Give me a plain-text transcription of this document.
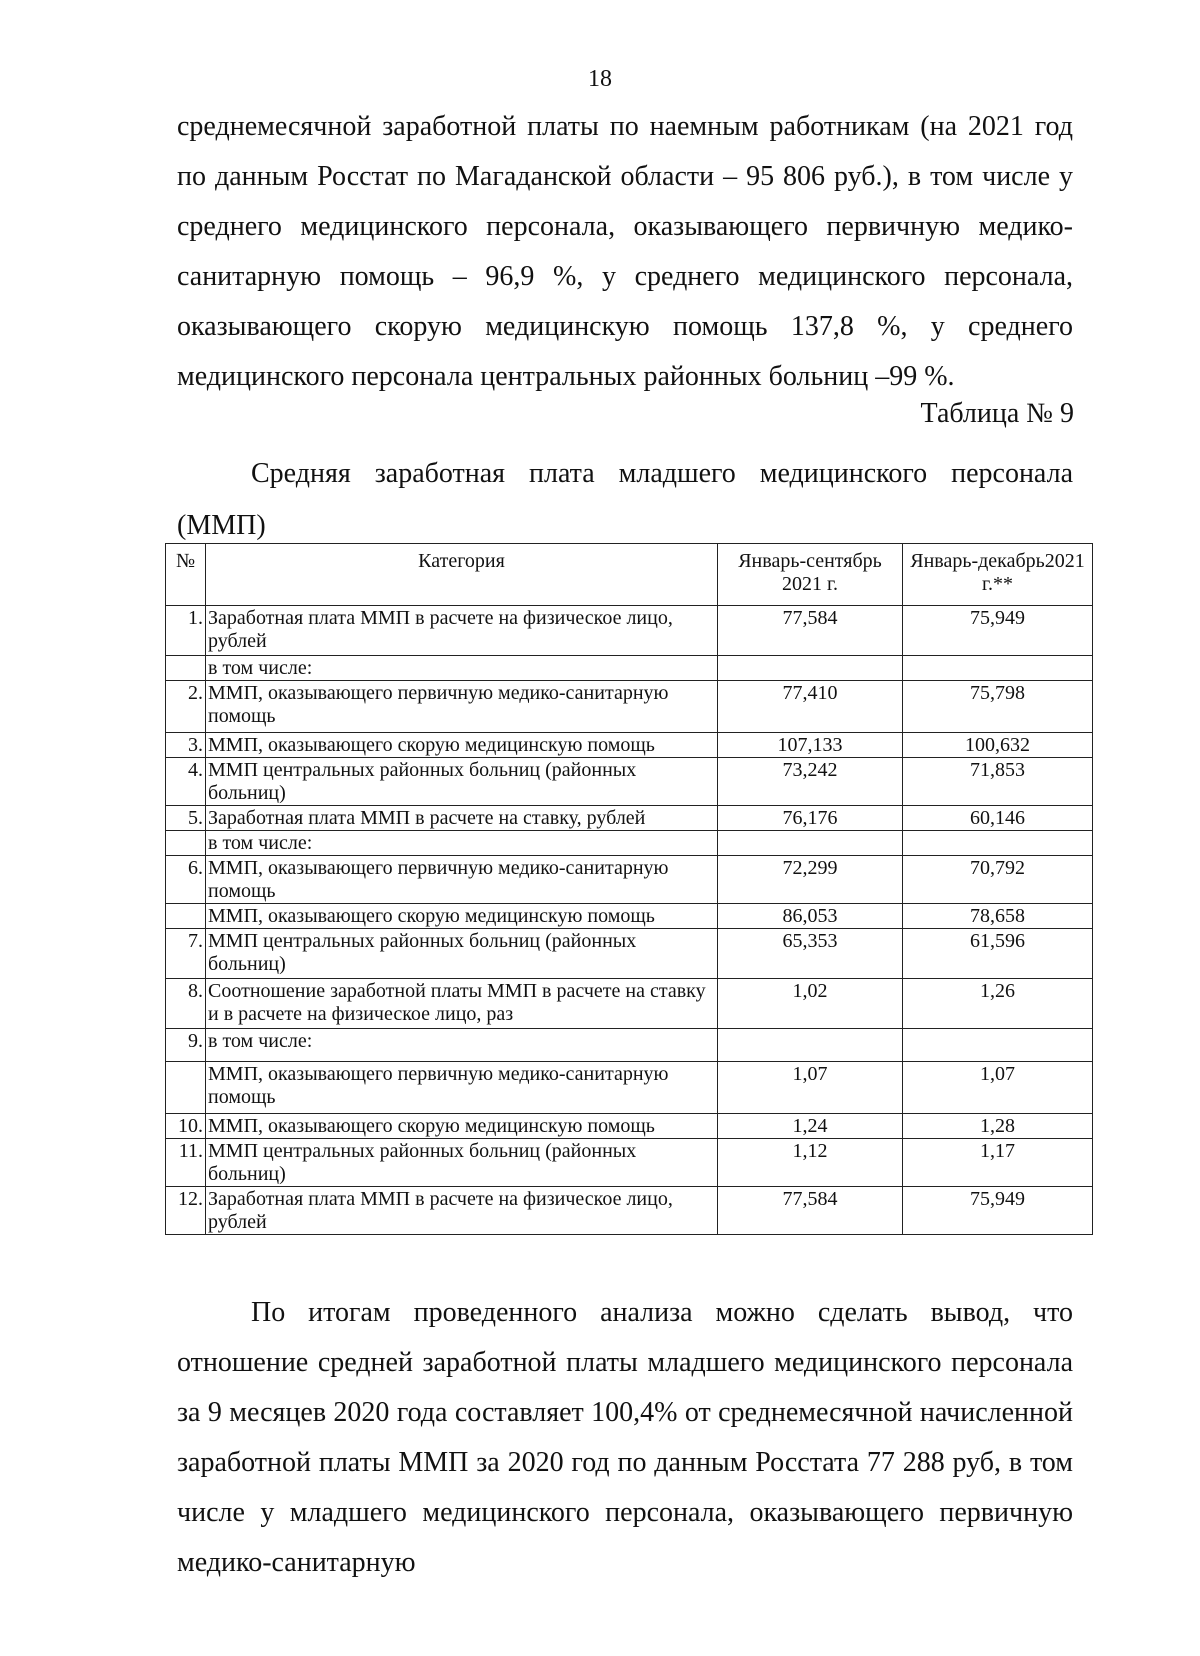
18

среднемесячной заработной платы по наемным работникам (на 2021 год по данным Росстат по Магаданской области – 95 806 руб.), в том числе у среднего медицинского персонала, оказывающего первичную медико-санитарную помощь – 96,9 %, у среднего медицинского персонала, оказывающего скорую медицинскую помощь 137,8 %, у среднего медицинского персонала центральных районных больниц –99 %.

Таблица № 9

Средняя заработная плата младшего медицинского персонала (ММП)

№	Категория	Январь-сентябрь 2021 г.	Январь-декабрь2021 г.**
1.	Заработная плата ММП в расчете на физическое лицо, рублей	77,584	75,949
	в том числе:		
2.	ММП, оказывающего первичную медико-санитарную помощь	77,410	75,798
3.	ММП, оказывающего скорую медицинскую помощь	107,133	100,632
4.	ММП центральных районных больниц (районных больниц)	73,242	71,853
5.	Заработная плата ММП в расчете на ставку, рублей	76,176	60,146
	в том числе:		
6.	ММП, оказывающего первичную медико-санитарную помощь	72,299	70,792
	ММП, оказывающего скорую медицинскую помощь	86,053	78,658
7.	ММП центральных районных больниц (районных больниц)	65,353	61,596
8.	Соотношение заработной платы ММП в расчете на ставку и в расчете на физическое лицо, раз	1,02	1,26
9.	в том числе:		
	ММП, оказывающего первичную медико-санитарную помощь	1,07	1,07
10.	ММП, оказывающего скорую медицинскую помощь	1,24	1,28
11.	ММП центральных районных больниц (районных больниц)	1,12	1,17
12.	Заработная плата ММП в расчете на физическое лицо, рублей	77,584	75,949

По итогам проведенного анализа можно сделать вывод, что отношение средней заработной платы младшего медицинского персонала за 9 месяцев 2020 года составляет 100,4% от среднемесячной начисленной заработной платы ММП за 2020 год по данным Росстата 77 288 руб, в том числе у младшего медицинского персонала, оказывающего первичную медико-санитарную
